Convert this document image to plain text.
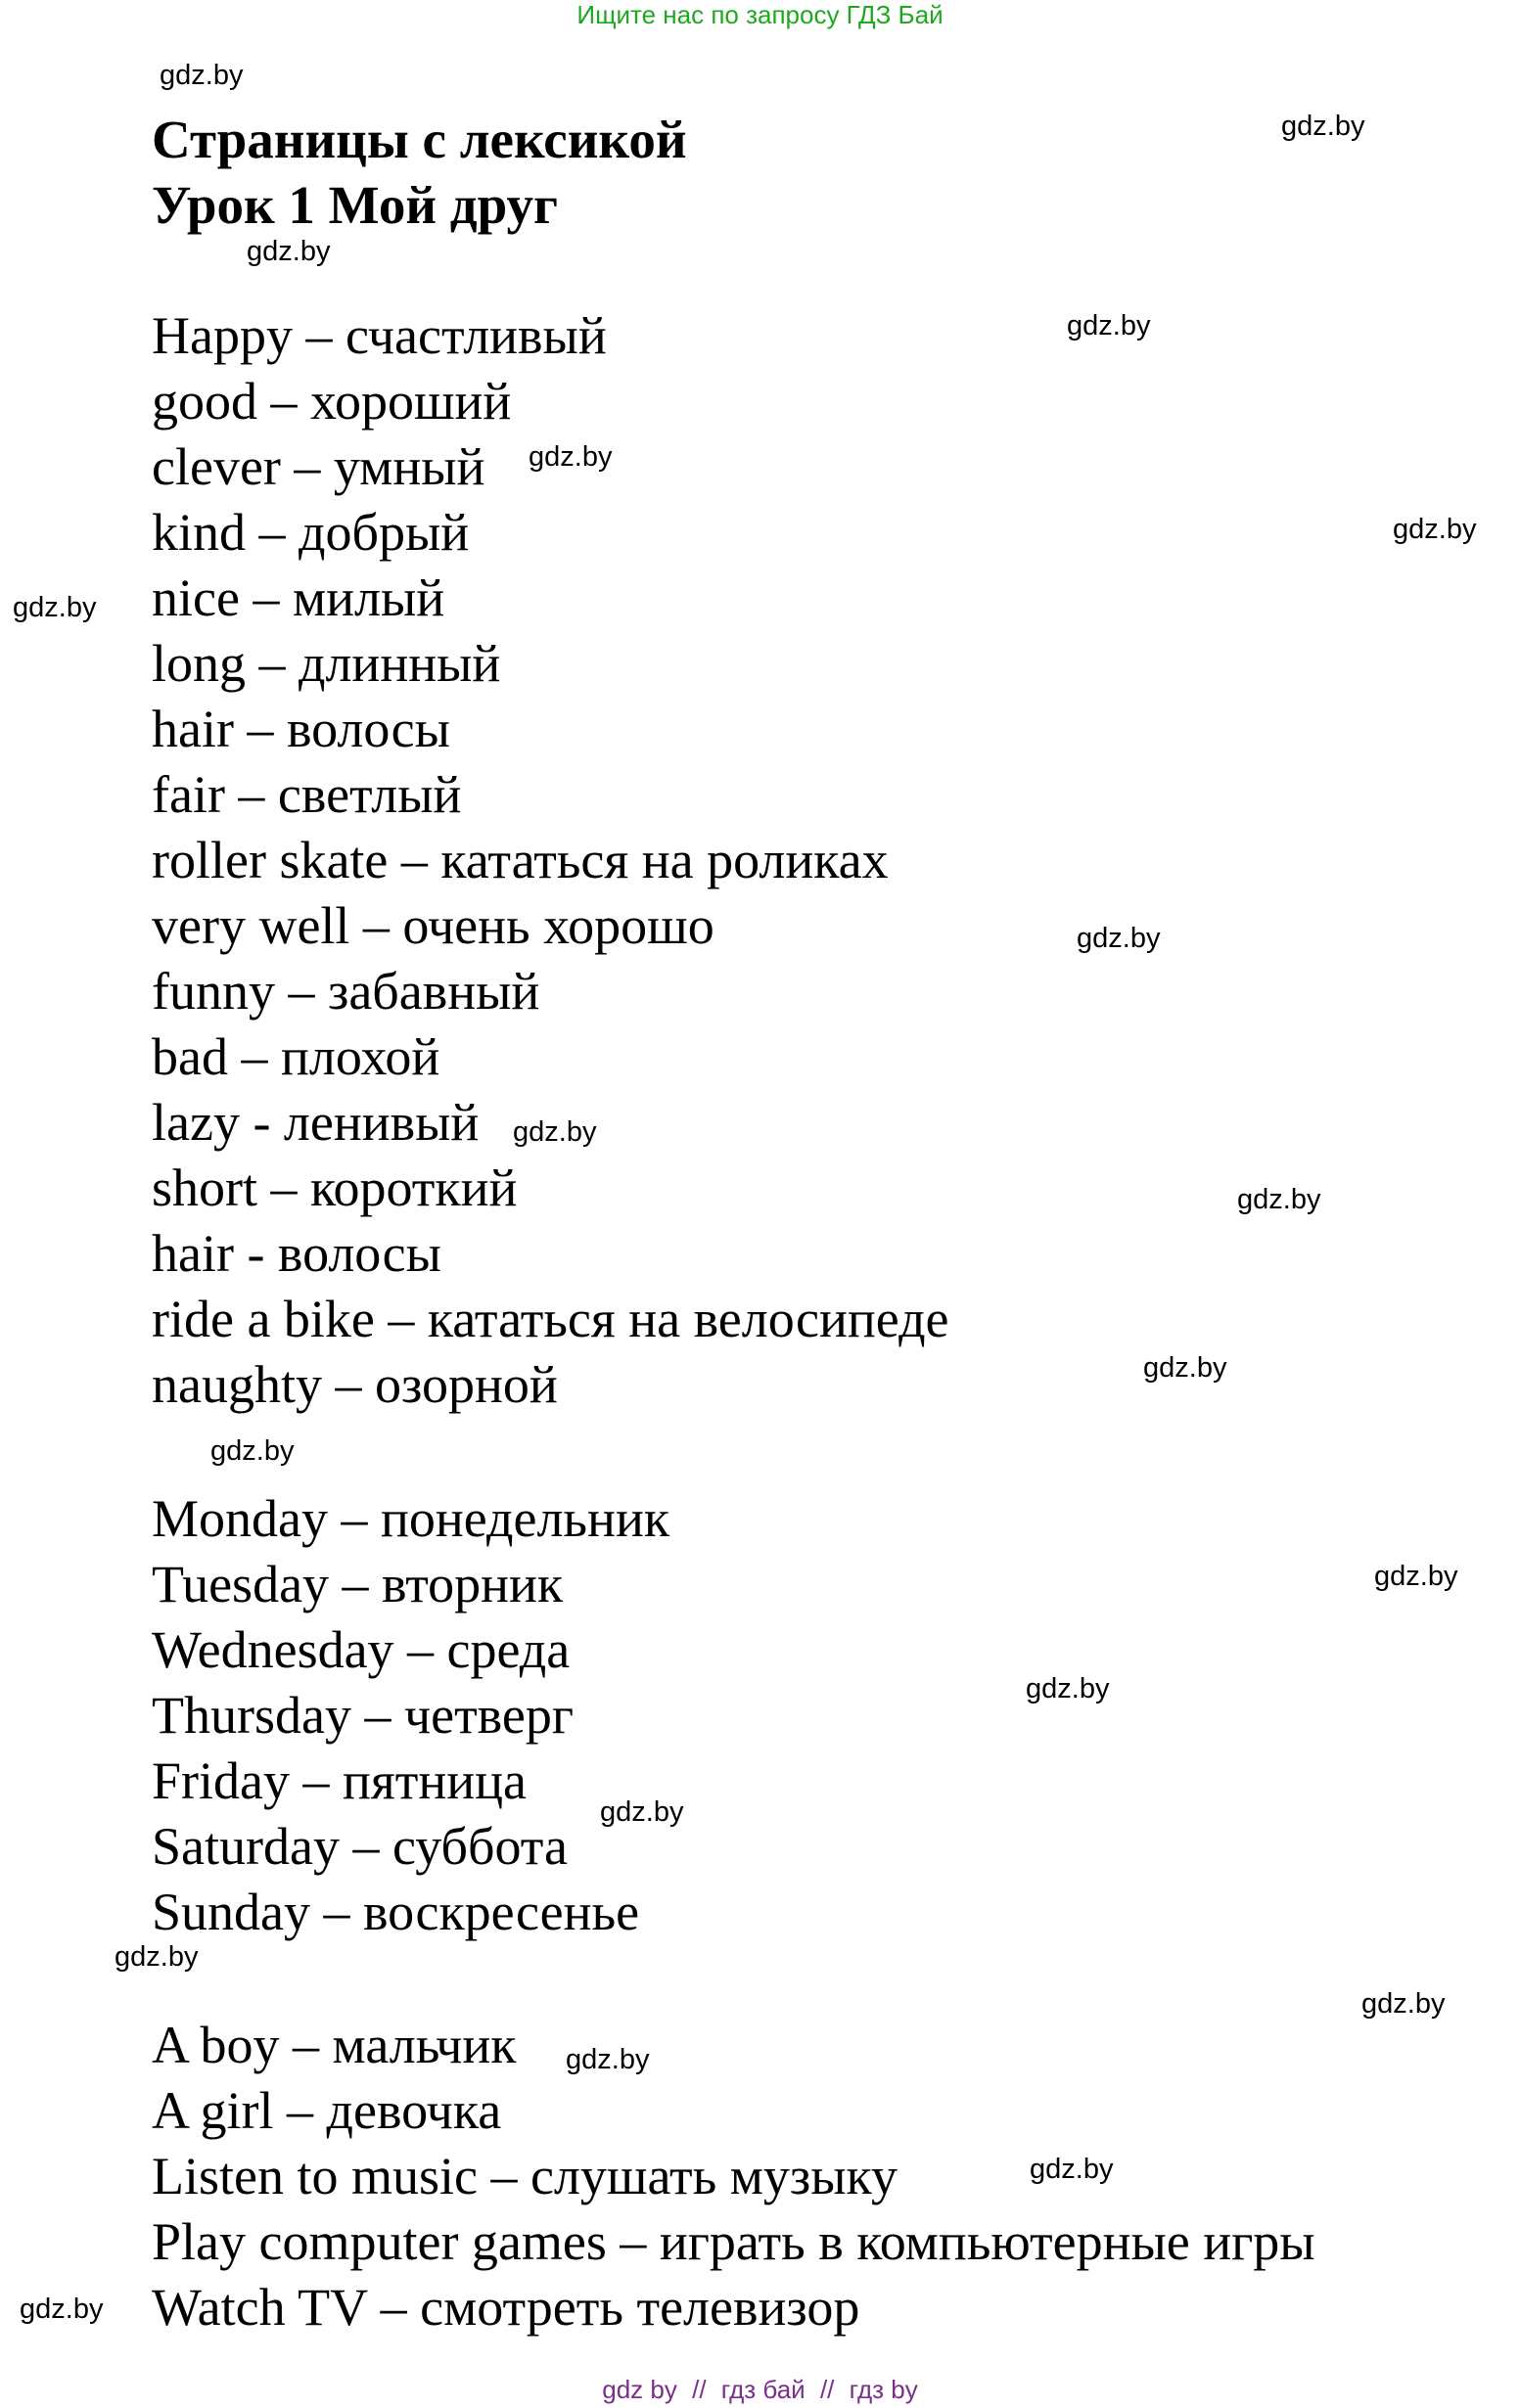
Ищите нас по запросу ГДЗ Бай
Страницы с лексикой
Урок 1 Мой друг
Happy – счастливый
good – хороший
clever – умный
kind – добрый
nice – милый
long – длинный
hair – волосы
fair – светлый
roller skate – кататься на роликах
very well – очень хорошо
funny – забавный
bad – плохой
lazy - ленивый
short – короткий
hair - волосы
ride a bike – кататься на велосипеде
naughty – озорной
Monday – понедельник
Tuesday – вторник
Wednesday – среда
Thursday – четверг
Friday – пятница
Saturday – суббота
Sunday – воскресенье
A boy – мальчик
A girl – девочка
Listen to music – слушать музыку
Play computer games – играть в компьютерные игры
Watch TV – смотреть телевизор
gdz.by
gdz.by
gdz.by
gdz.by
gdz.by
gdz.by
gdz.by
gdz.by
gdz.by
gdz.by
gdz.by
gdz.by
gdz.by
gdz.by
gdz.by
gdz.by
gdz.by
gdz.by
gdz.by
gdz.by
gdz by // гдз бай // гдз by
